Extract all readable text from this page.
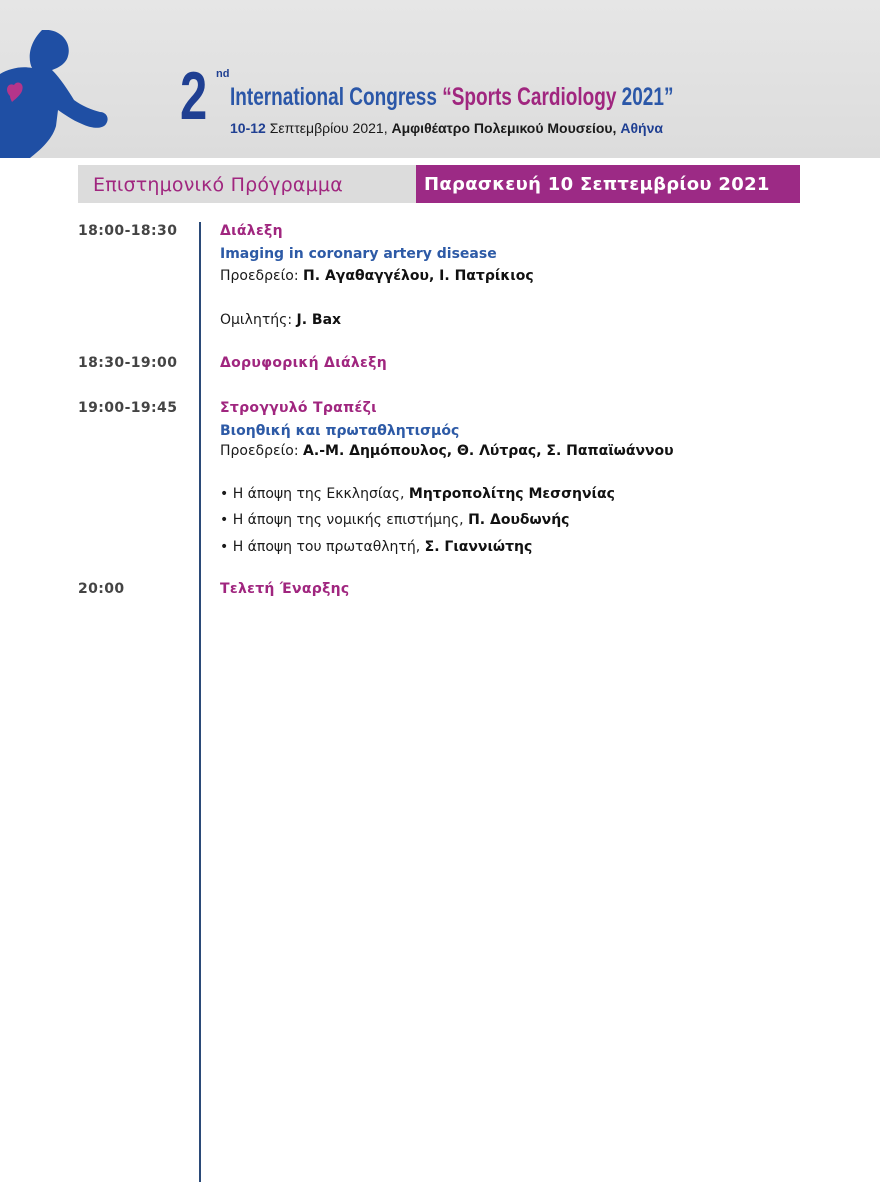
2 nd
International Congress “Sports Cardiology 2021”
10-12 Σεπτεμβρίου 2021, Αμφιθέατρο Πολεμικού Μουσείου, Αθήνα
Επιστημονικό Πρόγραμμα	Παρασκευή 10 Σεπτεμβρίου 2021
18:00-18:30	Διάλεξη
Imaging in coronary artery disease
Προεδρείο: Π. Αγαθαγγέλου, Ι. Πατρίκιος
Ομιλητής: J. Bax
18:30-19:00	Δορυφορική Διάλεξη
19:00-19:45	Στρογγυλό Τραπέζι
Βιοηθική και πρωταθλητισμός
Προεδρείο: Α.-Μ. Δημόπουλος, Θ. Λύτρας, Σ. Παπαϊωάννου
• Η άποψη της Εκκλησίας, Μητροπολίτης Μεσσηνίας
• Η άποψη της νομικής επιστήμης, Π. Δουδωνής
• Η άποψη του πρωταθλητή, Σ. Γιαννιώτης
20:00	Τελετή Έναρξης
